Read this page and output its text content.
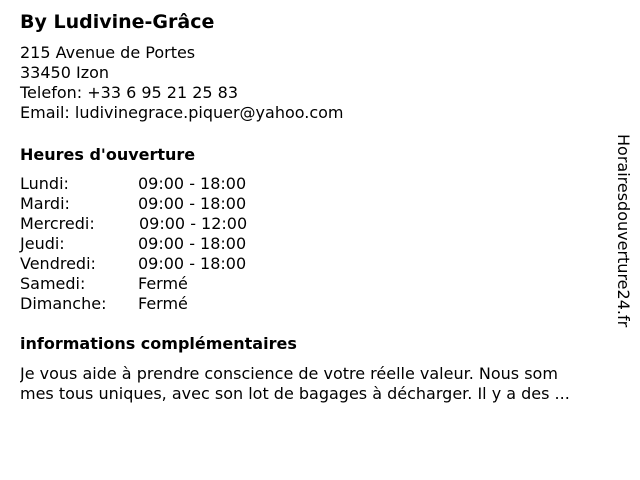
By Ludivine-Grâce
215 Avenue de Portes
33450 Izon
Telefon: +33 6 95 21 25 83
Email: ludivinegrace.piquer@yahoo.com
Heures d'ouverture
Lundi:	09:00 - 18:00
Mardi:	09:00 - 18:00
Mercredi:	09:00 - 12:00
Jeudi:	09:00 - 18:00
Vendredi:	09:00 - 18:00
Samedi:	Fermé
Dimanche: Fermé
informations complémentaires
Je vous aide à prendre conscience de votre réelle valeur. Nous som
mes tous uniques, avec son lot de bagages à décharger. Il y a des ...
Horairesdouverture24.fr
